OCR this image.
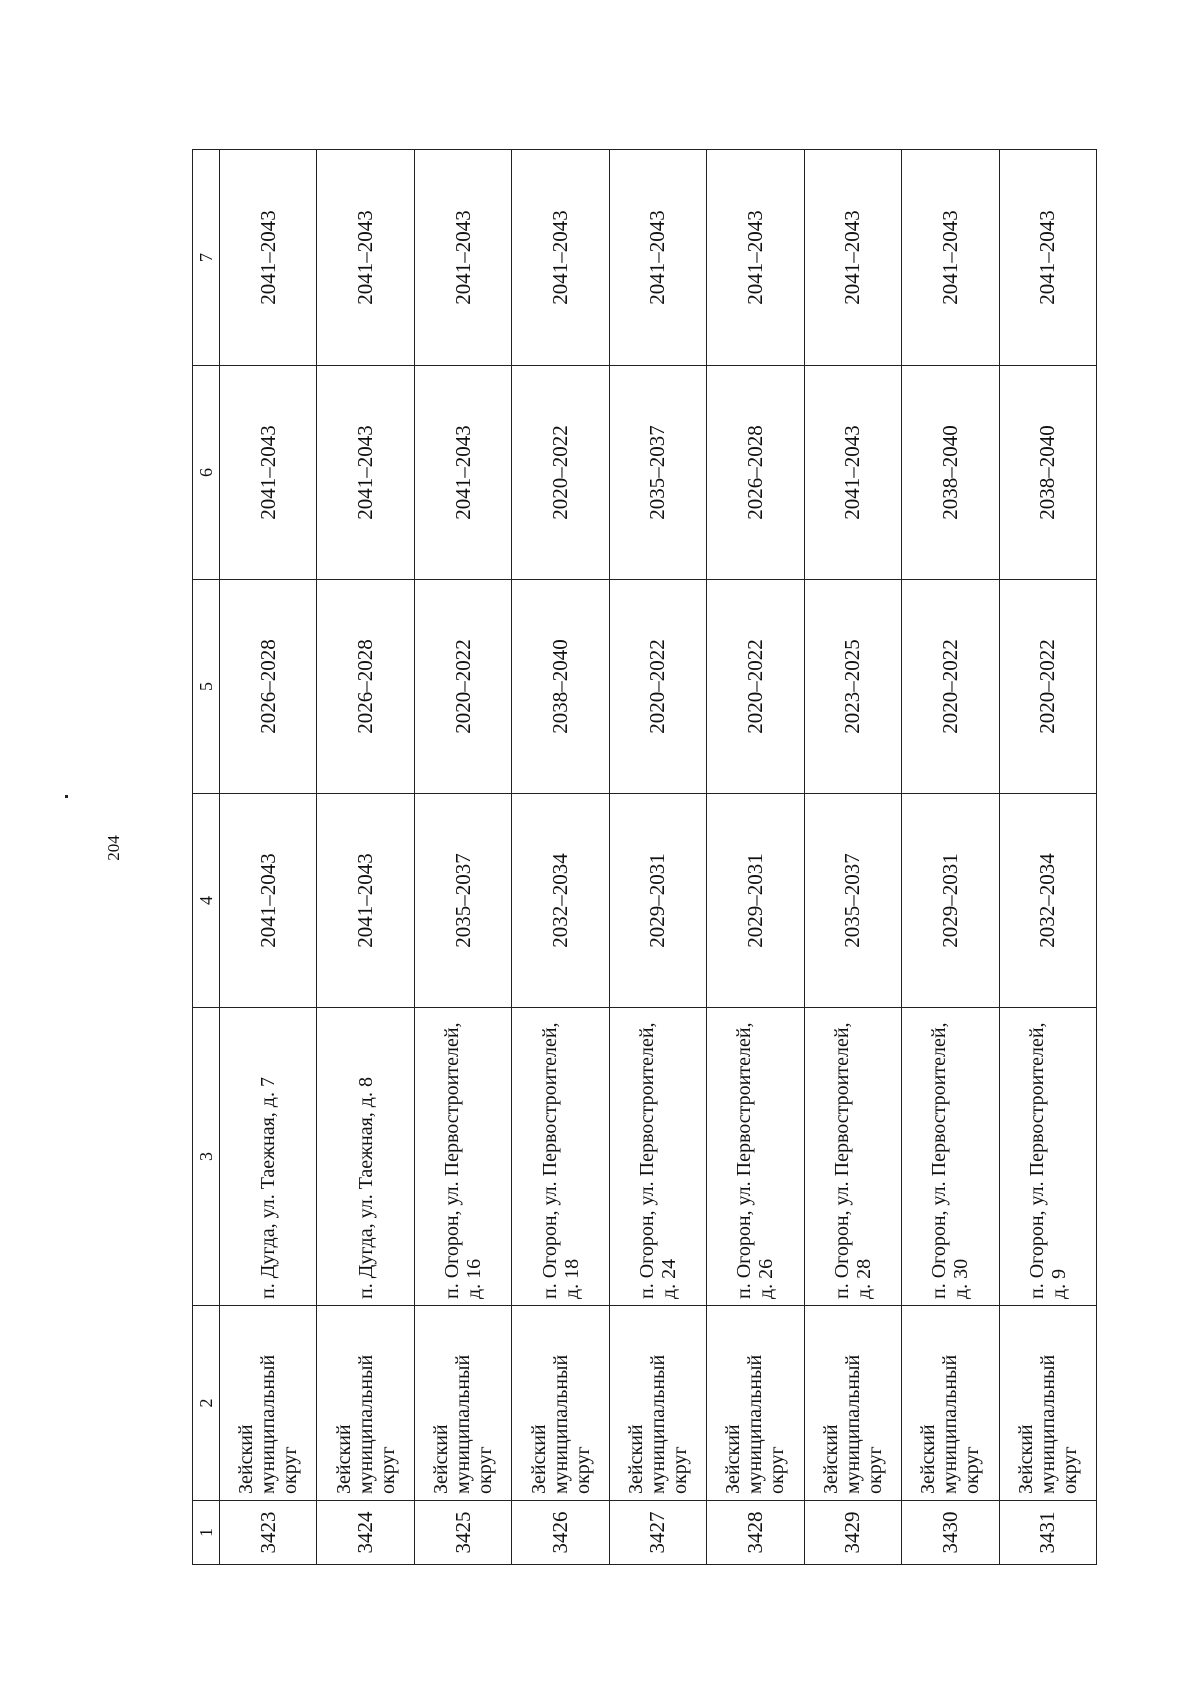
204
1	2	3	4	5	6	7
3423	Зейский муниципальный округ	п. Дугда, ул. Таежная, д. 7	2041–2043	2026–2028	2041–2043	2041–2043
3424	Зейский муниципальный округ	п. Дугда, ул. Таежная, д. 8	2041–2043	2026–2028	2041–2043	2041–2043
3425	Зейский муниципальный округ	п. Огорон, ул. Первостроителей, д. 16	2035–2037	2020–2022	2041–2043	2041–2043
3426	Зейский муниципальный округ	п. Огорон, ул. Первостроителей, д. 18	2032–2034	2038–2040	2020–2022	2041–2043
3427	Зейский муниципальный округ	п. Огорон, ул. Первостроителей, д. 24	2029–2031	2020–2022	2035–2037	2041–2043
3428	Зейский муниципальный округ	п. Огорон, ул. Первостроителей, д. 26	2029–2031	2020–2022	2026–2028	2041–2043
3429	Зейский муниципальный округ	п. Огорон, ул. Первостроителей, д. 28	2035–2037	2023–2025	2041–2043	2041–2043
3430	Зейский муниципальный округ	п. Огорон, ул. Первостроителей, д. 30	2029–2031	2020–2022	2038–2040	2041–2043
3431	Зейский муниципальный округ	п. Огорон, ул. Первостроителей, д. 9	2032–2034	2020–2022	2038–2040	2041–2043
